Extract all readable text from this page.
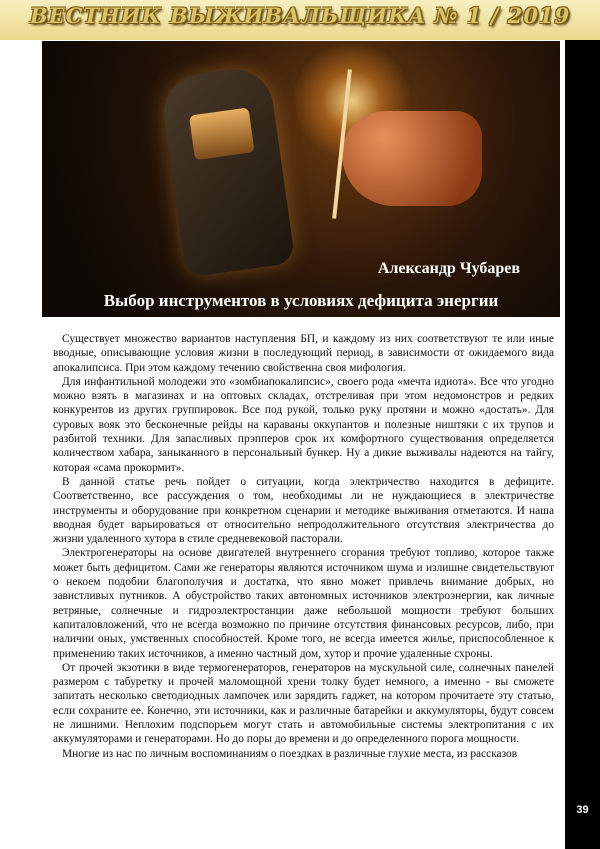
ВЕСТНИК ВЫЖИВАЛЬЩИКА № 1 / 2019
39
Александр Чубарев
Выбор инструментов в условиях дефицита энергии

Существует множество вариантов наступления БП, и каждому из них соответствуют те или иные вводные, описывающие условия жизни в последующий период, в зависимости от ожидаемого вида апокалипсиса. При этом каждому течению свойственна своя мифология.

Для инфантильной молодежи это «зомбиапокалипсис», своего рода «мечта идиота». Все что угодно можно взять в магазинах и на оптовых складах, отстреливая при этом недомонстров и редких конкурентов из других группировок. Все под рукой, только руку протяни и можно «достать». Для суровых вояк это бесконечные рейды на караваны оккупантов и полезные ништяки с их трупов и разбитой техники. Для запасливых прэпперов срок их комфортного существования определяется количеством хабара, заныканного в персональный бункер. Ну а дикие выживалы надеются на тайгу, которая «сама прокормит».

В данной статье речь пойдет о ситуации, когда электричество находится в дефиците. Соответственно, все рассуждения о том, необходимы ли не нуждающиеся в электричестве инструменты и оборудование при конкретном сценарии и методике выживания отметаются. И наша вводная будет варьироваться от относительно непродолжительного отсутствия электричества до жизни удаленного хутора в стиле средневековой пасторали.

Электрогенераторы на основе двигателей внутреннего сгорания требуют топливо, которое также может быть дефицитом. Сами же генераторы являются источником шума и излишне свидетельствуют о некоем подобии благополучия и достатка, что явно может привлечь внимание добрых, но завистливых путников. А обустройство таких автономных источников электроэнергии, как личные ветряные, солнечные и гидроэлектростанции даже небольшой мощности требуют больших капиталовложений, что не всегда возможно по причине отсутствия финансовых ресурсов, либо, при наличии оных, умственных способностей. Кроме того, не всегда имеется жилье, приспособленное к применению таких источников, а именно частный дом, хутор и прочие удаленные схроны.

От прочей экзотики в виде термогенераторов, генераторов на мускульной силе, солнечных панелей размером с табуретку и прочей маломощной хрени толку будет немного, а именно - вы сможете запитать несколько светодиодных лампочек или зарядить гаджет, на котором прочитаете эту статью, если сохраните ее. Конечно, эти источники, как и различные батарейки и аккумуляторы, будут совсем не лишними. Неплохим подспорьем могут стать и автомобильные системы электропитания с их аккумуляторами и генераторами. Но до поры до времени и до определенного порога мощности.

Многие из нас по личным воспоминаниям о поездках в различные глухие места, из рассказов
